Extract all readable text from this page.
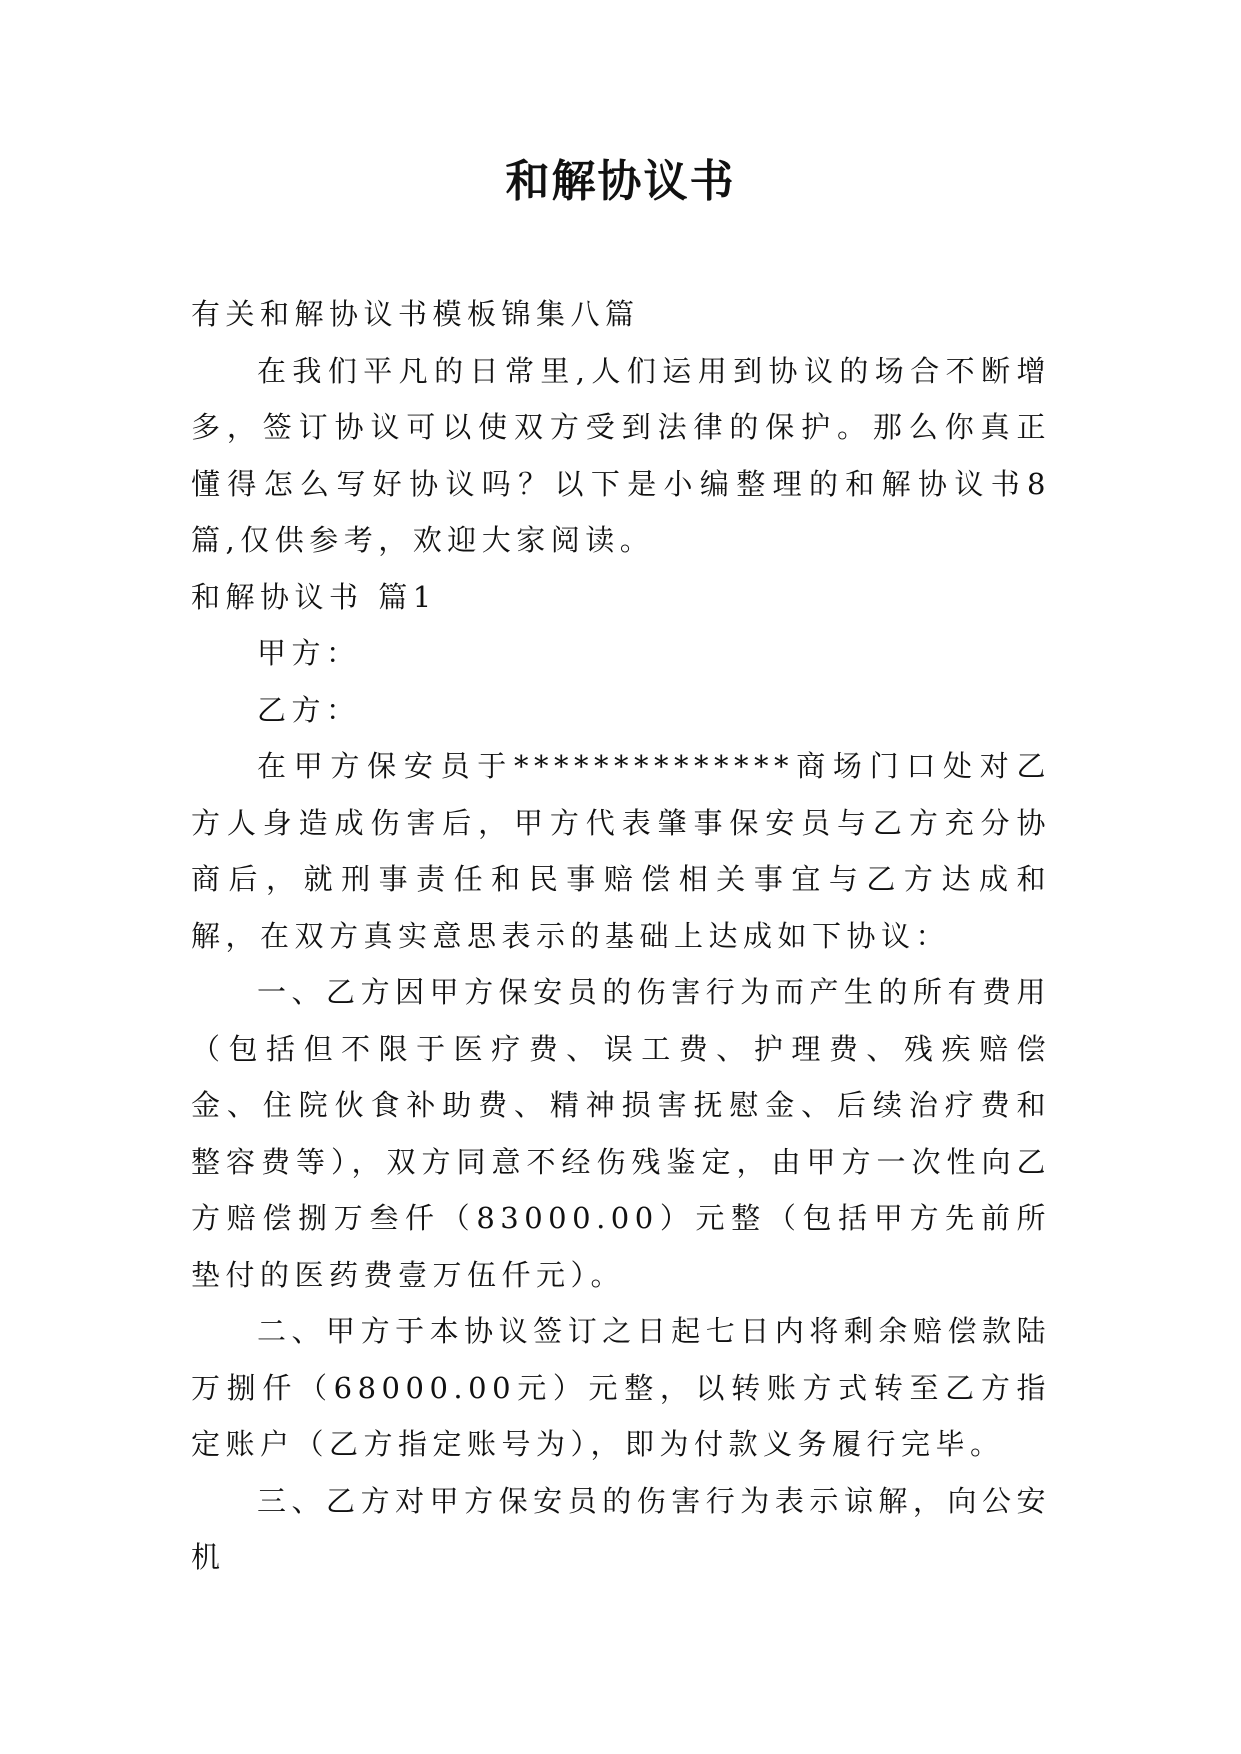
和解协议书

有关和解协议书模板锦集八篇

在我们平凡的日常里,人们运用到协议的场合不断增多，签订协议可以使双方受到法律的保护。那么你真正懂得怎么写好协议吗？以下是小编整理的和解协议书8篇,仅供参考，欢迎大家阅读。

和解协议书 篇1

甲方：

乙方：

在甲方保安员于**************商场门口处对乙方人身造成伤害后，甲方代表肇事保安员与乙方充分协商后，就刑事责任和民事赔偿相关事宜与乙方达成和解，在双方真实意思表示的基础上达成如下协议：

一、乙方因甲方保安员的伤害行为而产生的所有费用（包括但不限于医疗费、误工费、护理费、残疾赔偿金、住院伙食补助费、精神损害抚慰金、后续治疗费和整容费等），双方同意不经伤残鉴定，由甲方一次性向乙方赔偿捌万叁仟（83000.00）元整（包括甲方先前所垫付的医药费壹万伍仟元）。

二、甲方于本协议签订之日起七日内将剩余赔偿款陆万捌仟（68000.00元）元整，以转账方式转至乙方指定账户（乙方指定账号为），即为付款义务履行完毕。

三、乙方对甲方保安员的伤害行为表示谅解，向公安机
